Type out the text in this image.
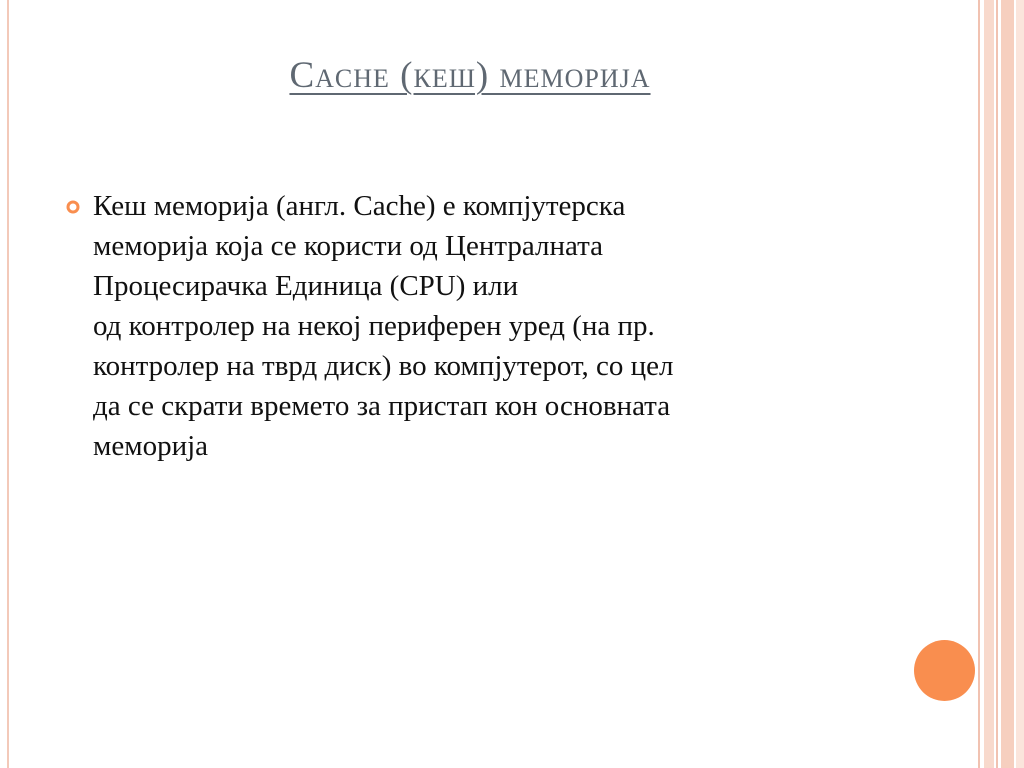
Cache (кеш) меморија
Кеш меморија (англ. Cache) е компјутерска
меморија која се користи од Централната
Процесирачка Единица (CPU) или
од контролер на некој периферен уред (на пр.
контролер на тврд диск) во компјутерот, со цел
да се скрати времето за пристап кон основната
меморија
